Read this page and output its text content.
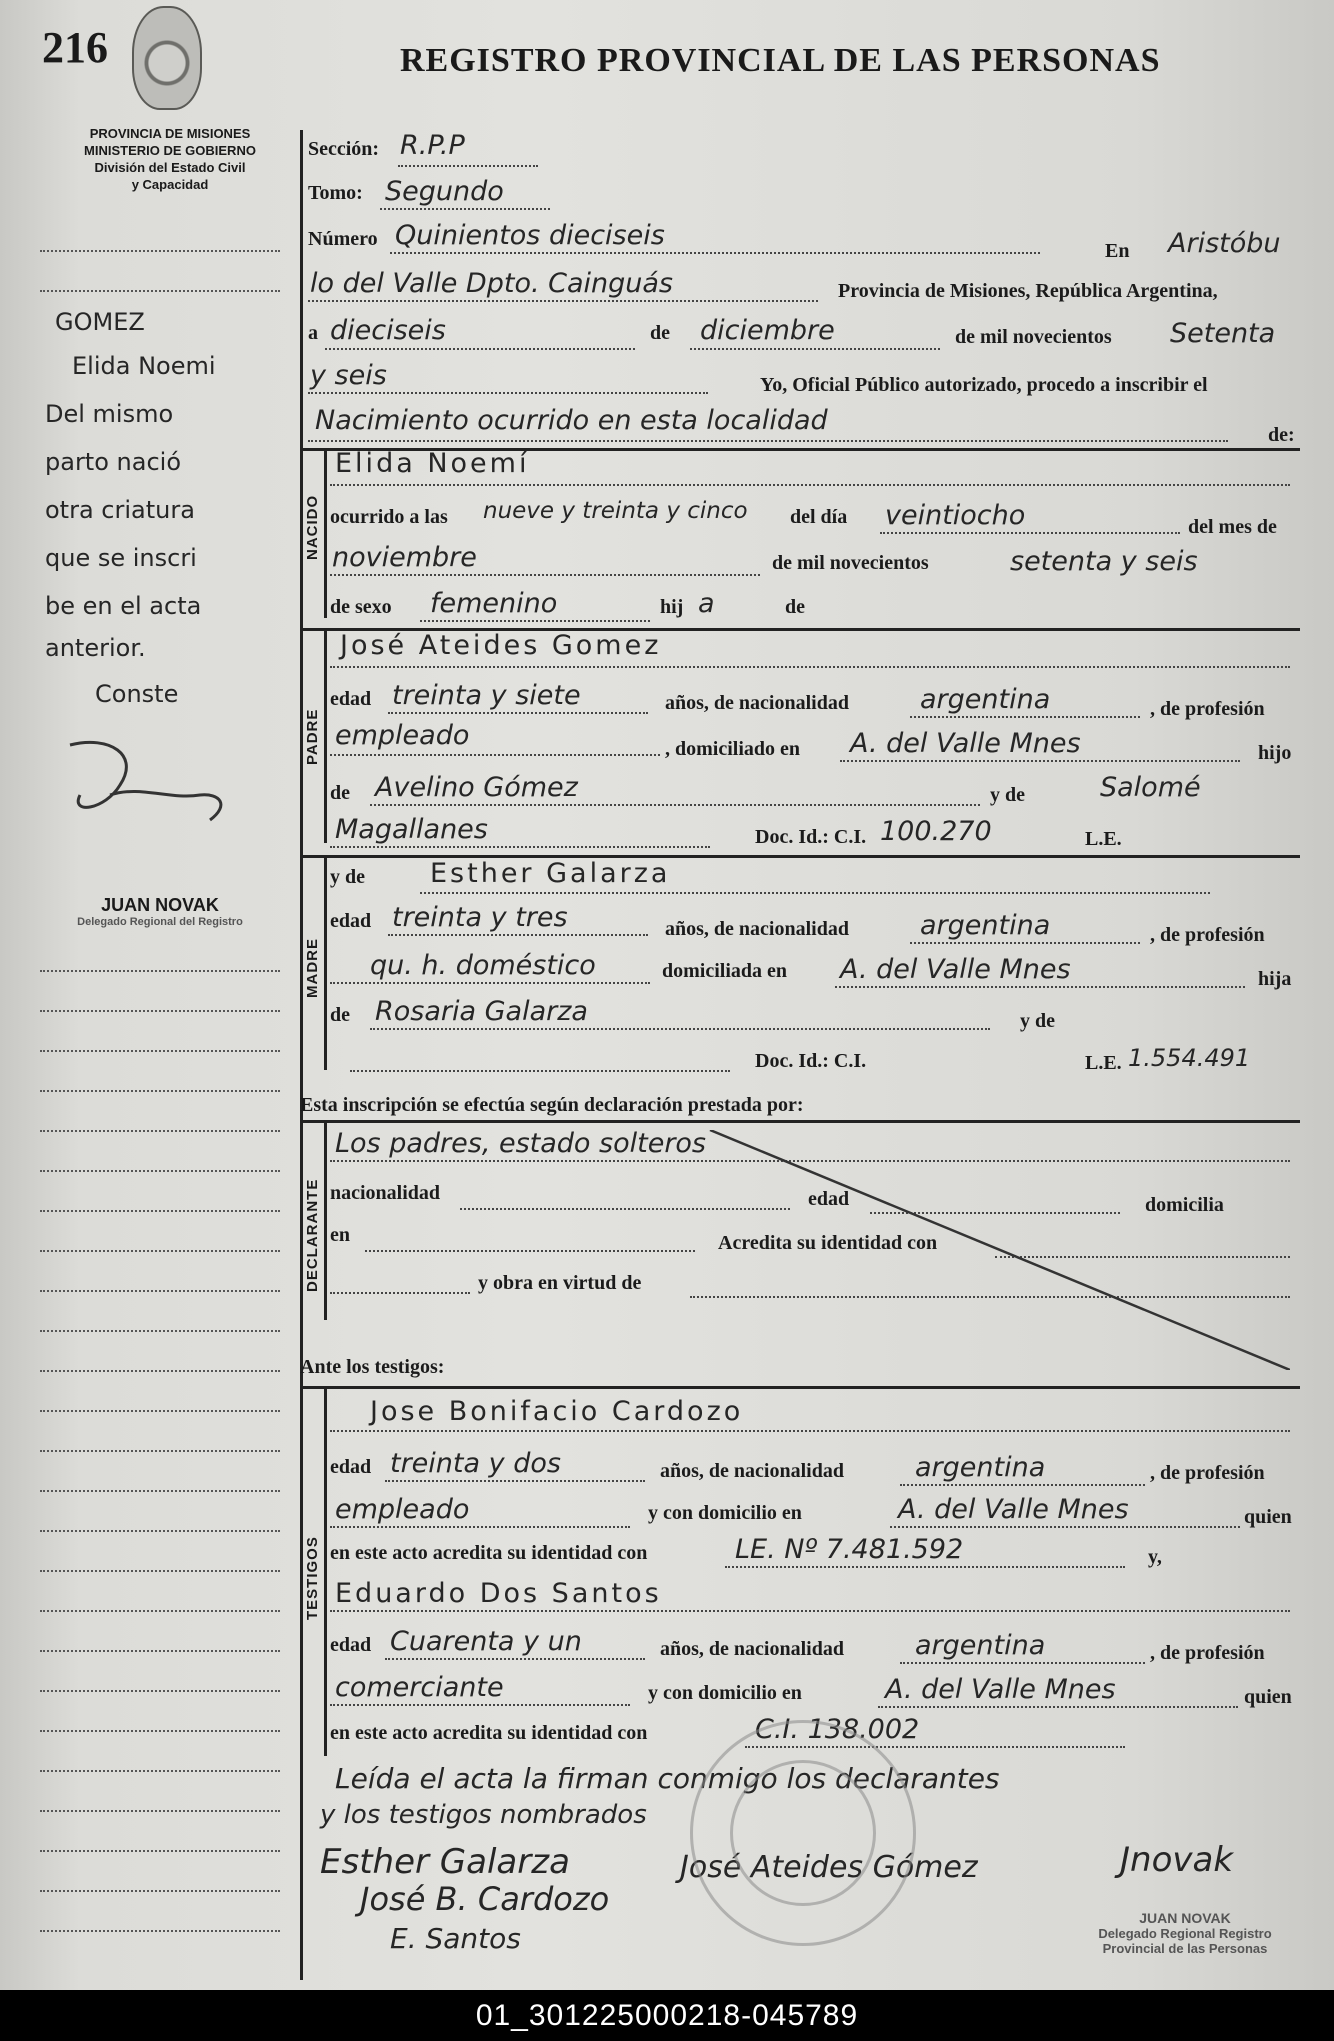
216	REGISTRO PROVINCIAL DE LAS PERSONAS
PROVINCIA DE MISIONES
MINISTERIO DE GOBIERNO
División del Estado Civil
y Capacidad
GOMEZ
Elida Noemi
Del mismo
parto nació
otra criatura
que se inscri
be en el acta
anterior.
Conste
JUAN NOVAK
Delegado Regional del Registro
Sección: R.P.P
Tomo: Segundo
Número Quinientos dieciseis	En Aristóbu
lo del Valle Dpto. Cainguás	Provincia de Misiones, República Argentina,
a dieciseis	de diciembre	de mil novecientos Setenta
y seis	Yo, Oficial Público autorizado, procedo a inscribir el
Nacimiento ocurrido en esta localidad	de:
NACIDO
Elida Noemí
ocurrido a las nueve y treinta y cinco del día veintiocho	del mes de
noviembre	de mil novecientos	setenta y seis
de sexo femenino	hij a	de
PADRE
José Ateides Gomez
edad treinta y siete	años, de nacionalidad	argentina	, de profesión
empleado	, domiciliado en A. del Valle Mnes	hijo
de Avelino Gómez	y de	Salomé
Magallanes	Doc. Id.: C.I. 100.270	L.E.
MADRE
y de Esther Galarza
edad treinta y tres	años, de nacionalidad	argentina	, de profesión
qu. h. doméstico	domiciliada en A. del Valle Mnes	hija
de Rosaria Galarza	y de
Doc. Id.: C.I.	L.E. 1.554.491
Esta inscripción se efectúa según declaración prestada por:
DECLARANTE
Los padres, estado solteros
nacionalidad	edad	domicilia
en	Acredita su identidad con
y obra en virtud de
Ante los testigos:
TESTIGOS
Jose Bonifacio Cardozo
edad treinta y dos	años, de nacionalidad	argentina	, de profesión
empleado	y con domicilio en	A. del Valle Mnes	quien
en este acto acredita su identidad con	LE. Nº 7.481.592	y,
Eduardo Dos Santos
edad Cuarenta y un	años, de nacionalidad	argentina	, de profesión
comerciante	y con domicilio en	A. del Valle Mnes	quien
en este acto acredita su identidad con	C.I. 138.002
Leída el acta la firman conmigo los declarantes
y los testigos nombrados
Esther Galarza	José Ateides Gómez
José B. Cardozo
E. Santos
Jnovak
JUAN NOVAK
Delegado Regional Registro
Provincial de las Personas
01_301225000218-045789
